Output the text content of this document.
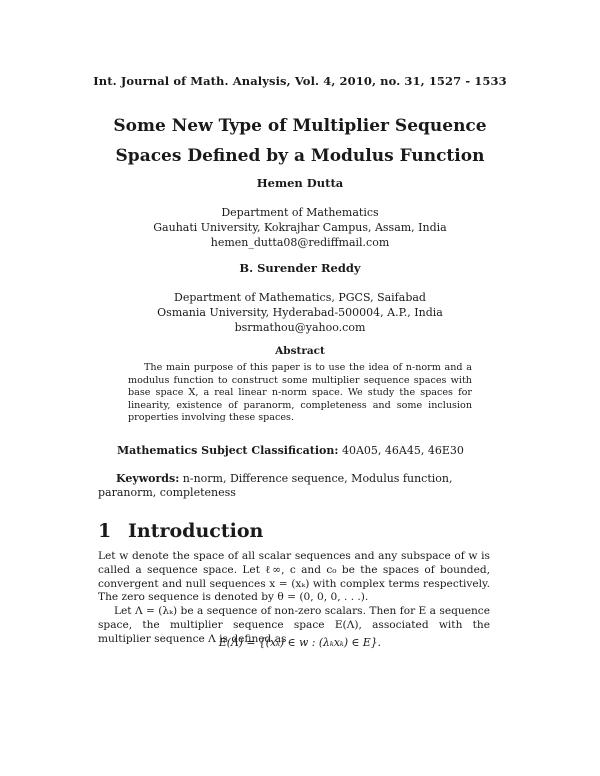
Int. Journal of Math. Analysis, Vol. 4, 2010, no. 31, 1527 - 1533
Some New Type of Multiplier Sequence
Spaces Defined by a Modulus Function
Hemen Dutta
Department of Mathematics
Gauhati University, Kokrajhar Campus, Assam, India
hemen_dutta08@rediffmail.com
B. Surender Reddy
Department of Mathematics, PGCS, Saifabad
Osmania University, Hyderabad-500004, A.P., India
bsrmathou@yahoo.com
Abstract

The main purpose of this paper is to use the idea of n-norm and a modulus function to construct some multiplier sequence spaces with base space X, a real linear n-norm space. We study the spaces for linearity, existence of paranorm, completeness and some inclusion properties involving these spaces.

Mathematics Subject Classification: 40A05, 46A45, 46E30
Keywords: n-norm, Difference sequence, Modulus function, paranorm, completeness
1 Introduction

Let w denote the space of all scalar sequences and any subspace of w is called a sequence space. Let ℓ∞, c and c₀ be the spaces of bounded, convergent and null sequences x = (xₖ) with complex terms respectively. The zero sequence is denoted by θ = (0, 0, 0, . . .).

Let Λ = (λₖ) be a sequence of non-zero scalars. Then for E a sequence space, the multiplier sequence space E(Λ), associated with the multiplier sequence Λ is defined as

E(Λ) = {(xₖ) ∈ w : (λₖxₖ) ∈ E}.
